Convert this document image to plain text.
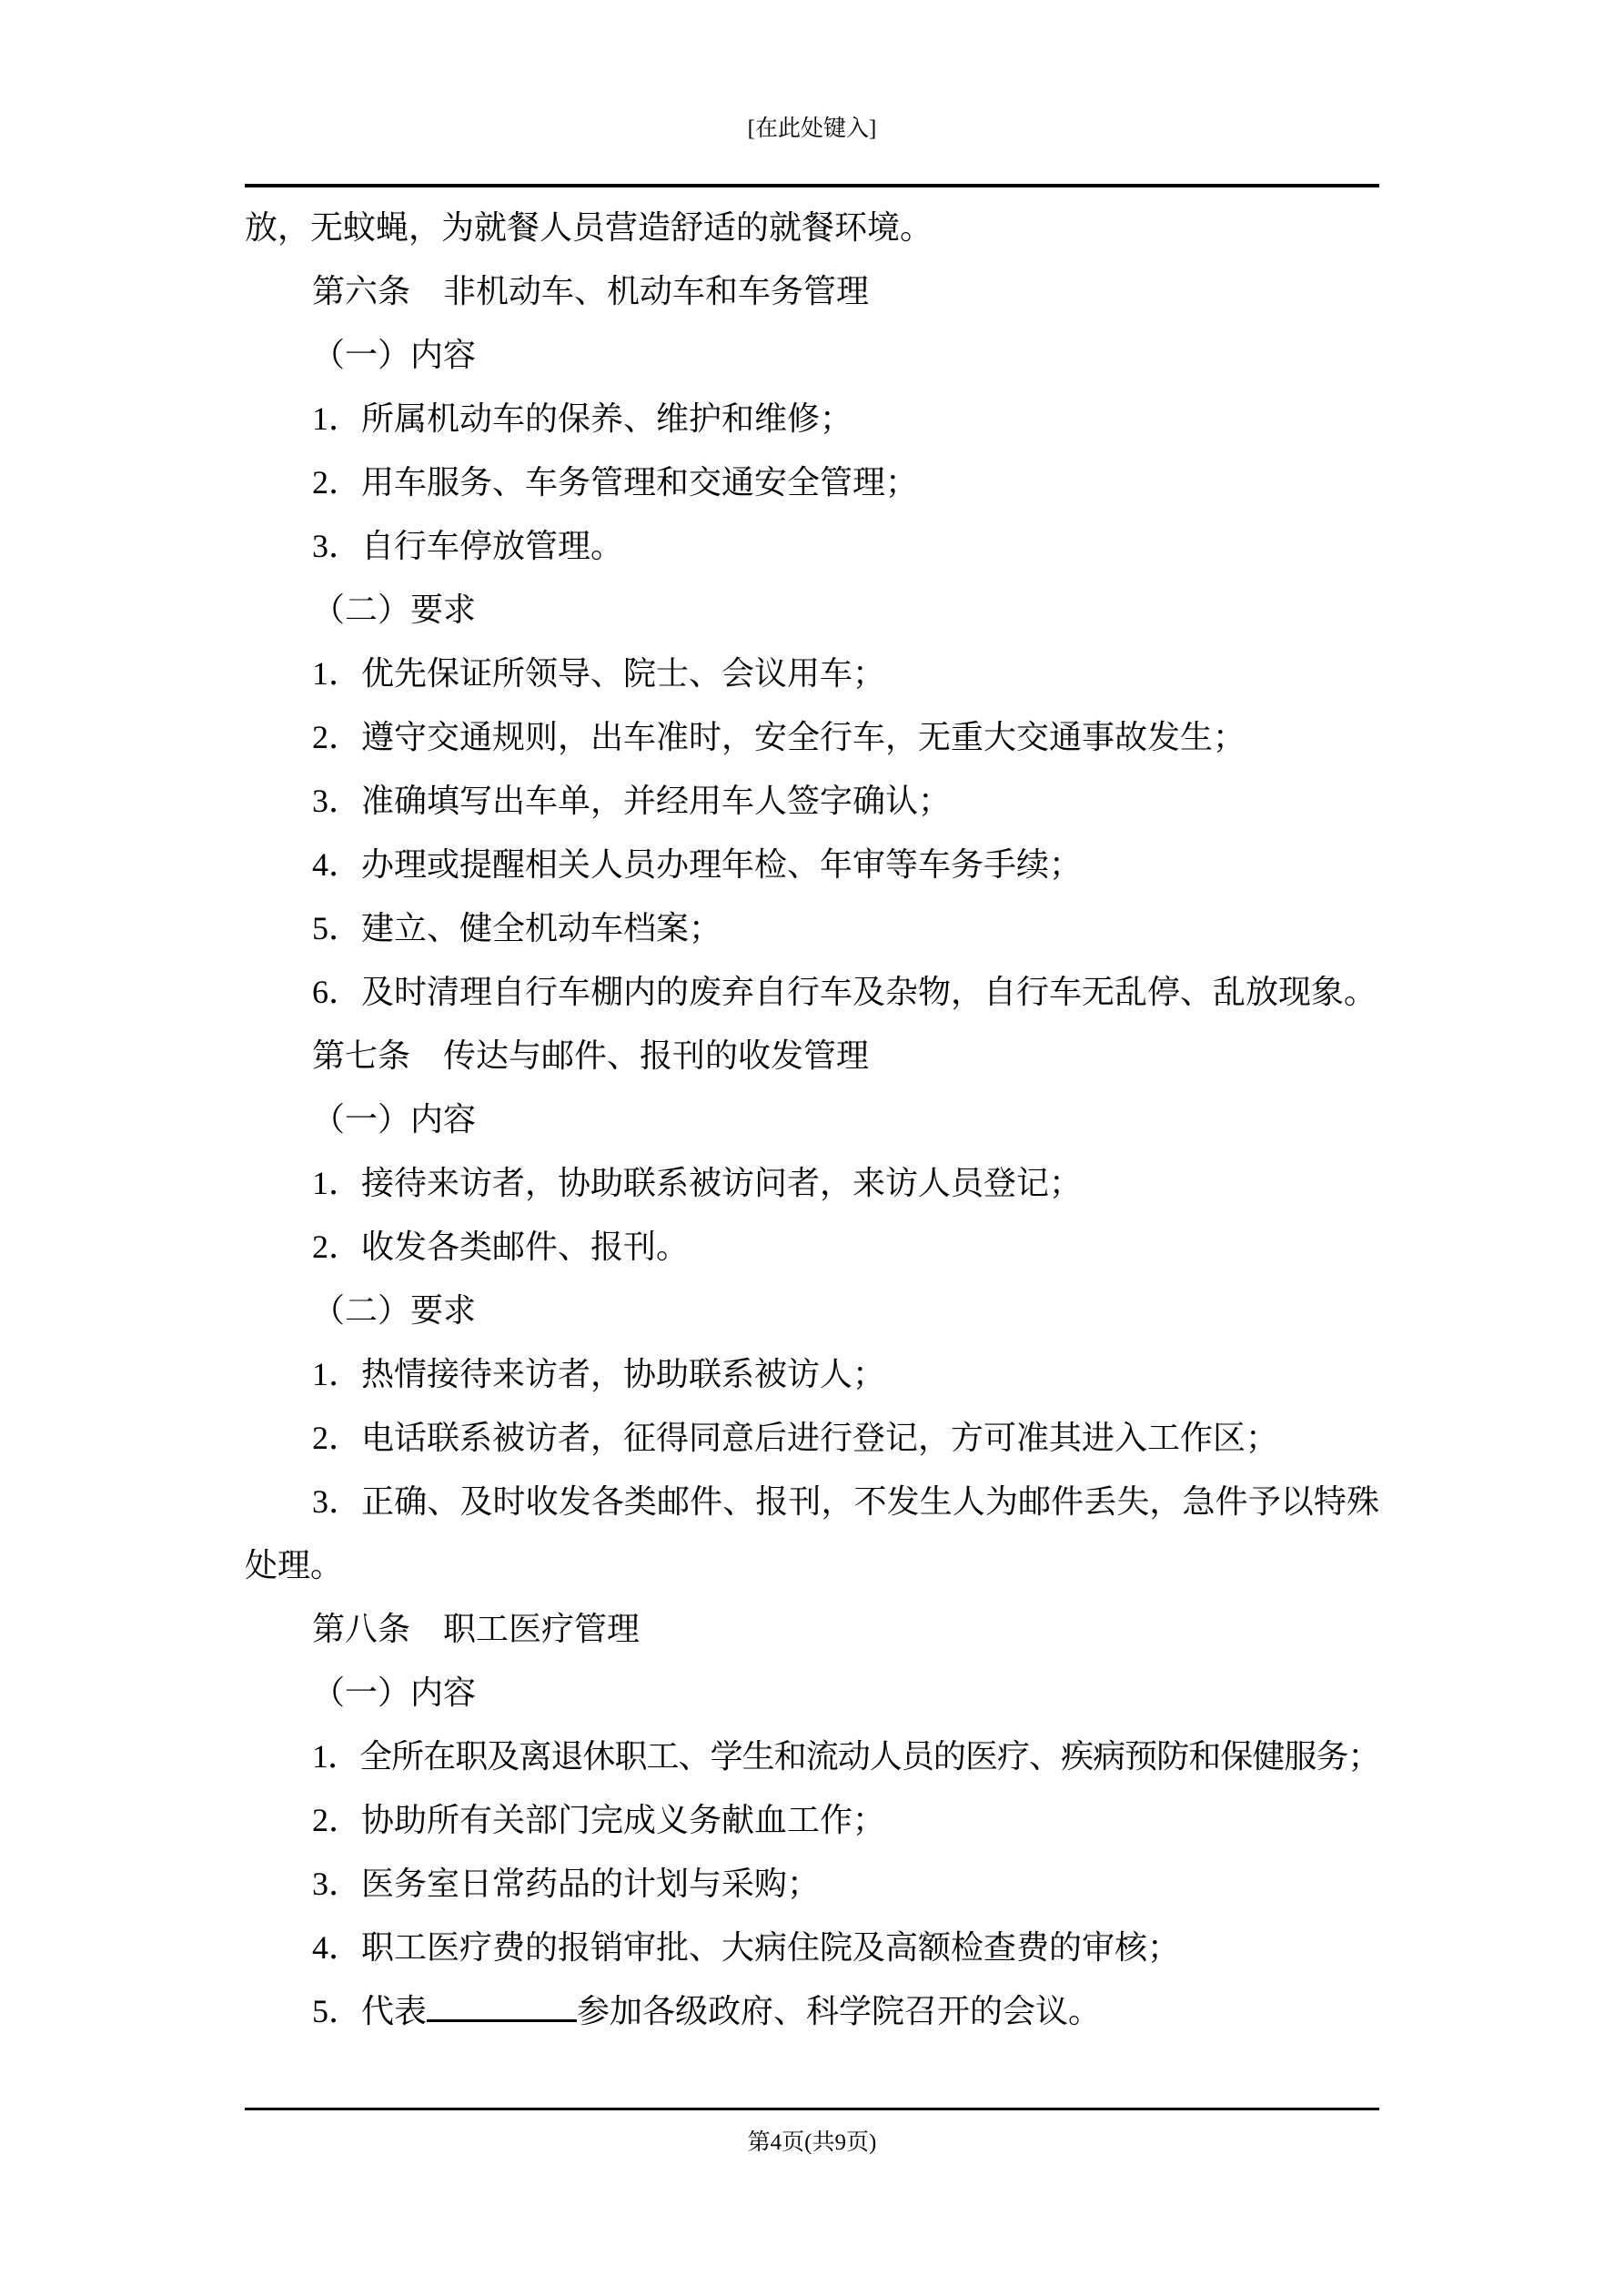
[在此处键入]
放，无蚊蝇，为就餐人员营造舒适的就餐环境。
第六条　非机动车、机动车和车务管理
（一）内容
1．所属机动车的保养、维护和维修；
2．用车服务、车务管理和交通安全管理；
3．自行车停放管理。
（二）要求
1．优先保证所领导、院士、会议用车；
2．遵守交通规则，出车准时，安全行车，无重大交通事故发生；
3．准确填写出车单，并经用车人签字确认；
4．办理或提醒相关人员办理年检、年审等车务手续；
5．建立、健全机动车档案；
6．及时清理自行车棚内的废弃自行车及杂物，自行车无乱停、乱放现象。
第七条　传达与邮件、报刊的收发管理
（一）内容
1．接待来访者，协助联系被访问者，来访人员登记；
2．收发各类邮件、报刊。
（二）要求
1．热情接待来访者，协助联系被访人；
2．电话联系被访者，征得同意后进行登记，方可准其进入工作区；
3．正确、及时收发各类邮件、报刊，不发生人为邮件丢失，急件予以特殊
处理。
第八条　职工医疗管理
（一）内容
1．全所在职及离退休职工、学生和流动人员的医疗、疾病预防和保健服务；
2．协助所有关部门完成义务献血工作；
3．医务室日常药品的计划与采购；
4．职工医疗费的报销审批、大病住院及高额检查费的审核；
5．代表	参加各级政府、科学院召开的会议。
第4页(共9页)
